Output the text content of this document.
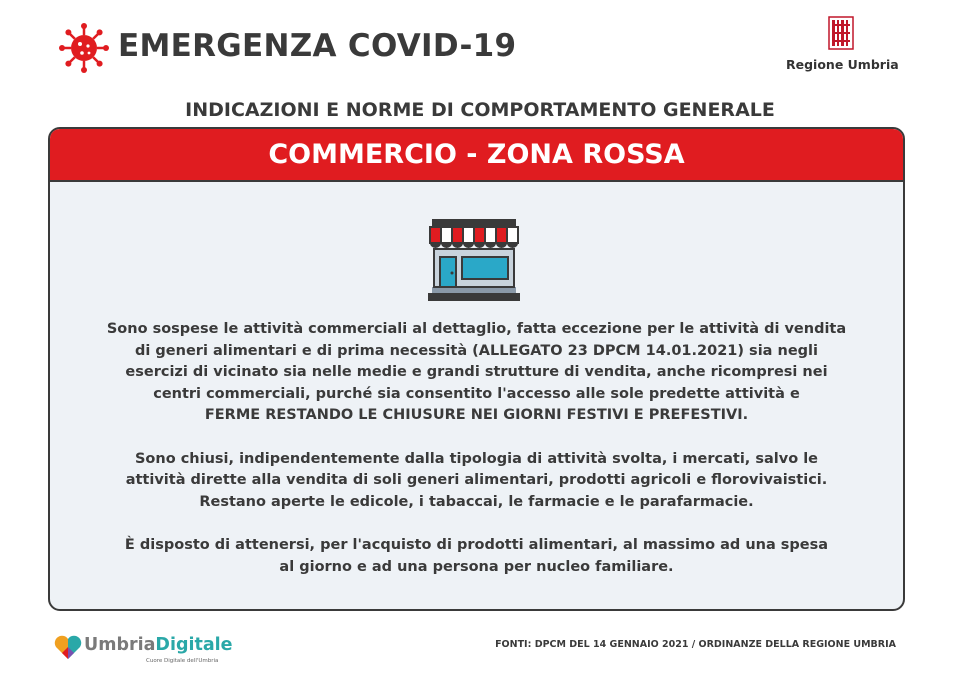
EMERGENZA COVID-19
Regione Umbria
INDICAZIONI E NORME DI COMPORTAMENTO GENERALE
COMMERCIO - ZONA ROSSA
Sono sospese le attività commerciali al dettaglio, fatta eccezione per le attività di vendita
di generi alimentari e di prima necessità (ALLEGATO 23 DPCM 14.01.2021) sia negli
esercizi di vicinato sia nelle medie e grandi strutture di vendita, anche ricompresi nei
centri commerciali, purché sia consentito l'accesso alle sole predette attività e
FERME RESTANDO LE CHIUSURE NEI GIORNI FESTIVI E PREFESTIVI.
Sono chiusi, indipendentemente dalla tipologia di attività svolta, i mercati, salvo le
attività dirette alla vendita di soli generi alimentari, prodotti agricoli e florovivaistici.
Restano aperte le edicole, i tabaccai, le farmacie e le parafarmacie.
È disposto di attenersi, per l'acquisto di prodotti alimentari, al massimo ad una spesa
al giorno e ad una persona per nucleo familiare.
UmbriaDigitale
Cuore Digitale dell'Umbria
FONTI: DPCM DEL 14 GENNAIO 2021 / ORDINANZE DELLA REGIONE UMBRIA
